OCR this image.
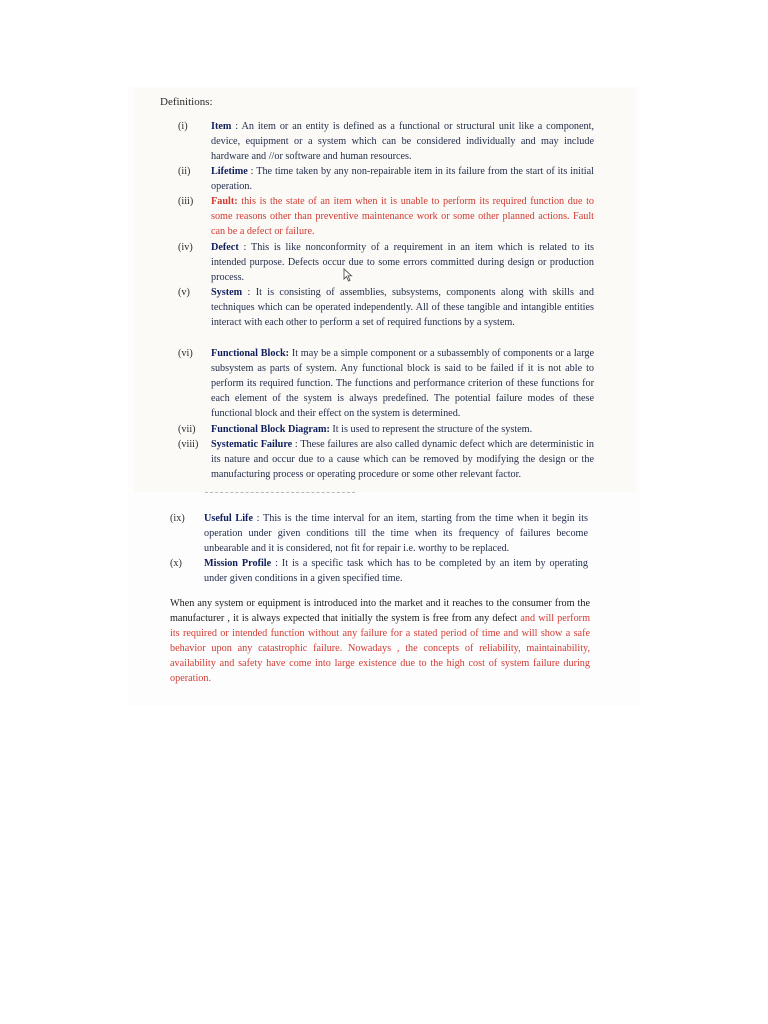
Definitions:
(i)	Item : An item or an entity is defined as a functional or structural unit like a component, device, equipment or a system which can be considered individually and may include hardware and //or software and human resources.
(ii)	Lifetime : The time taken by any non-repairable item in its failure from the start of its initial operation.
(iii)	Fault: this is the state of an item when it is unable to perform its required function due to some reasons other than preventive maintenance work or some other planned actions. Fault can be a defect or failure.
(iv)	Defect : This is like nonconformity of a requirement in an item which is related to its intended purpose. Defects occur due to some errors committed during design or production process.
(v)	System : It is consisting of assemblies, subsystems, components along with skills and techniques which can be operated independently. All of these tangible and intangible entities interact with each other to perform a set of required functions by a system.
(vi)	Functional Block: It may be a simple component or a subassembly of components or a large subsystem as parts of system. Any functional block is said to be failed if it is not able to perform its required function. The functions and performance criterion of these functions for each element of the system is always predefined. The potential failure modes of these functional block and their effect on the system is determined.
(vii)	Functional Block Diagram: It is used to represent the structure of the system.
(viii)	Systematic Failure : These failures are also called dynamic defect which are deterministic in its nature and occur due to a cause which can be removed by modifying the design or the manufacturing process or operating procedure or some other relevant factor.
(ix)	Useful Life : This is the time interval for an item, starting from the time when it begin its operation under given conditions till the time when its frequency of failures become unbearable and it is considered, not fit for repair i.e. worthy to be replaced.
(x)	Mission Profile : It is a specific task which has to be completed by an item by operating under given conditions in a given specified time.
When any system or equipment is introduced into the market and it reaches to the consumer from the manufacturer , it is always expected that initially the system is free from any defect and will perform its required or intended function without any failure for a stated period of time and will show a safe behavior upon any catastrophic failure. Nowadays , the concepts of reliability, maintainability, availability and safety have come into large existence due to the high cost of system failure during operation.
